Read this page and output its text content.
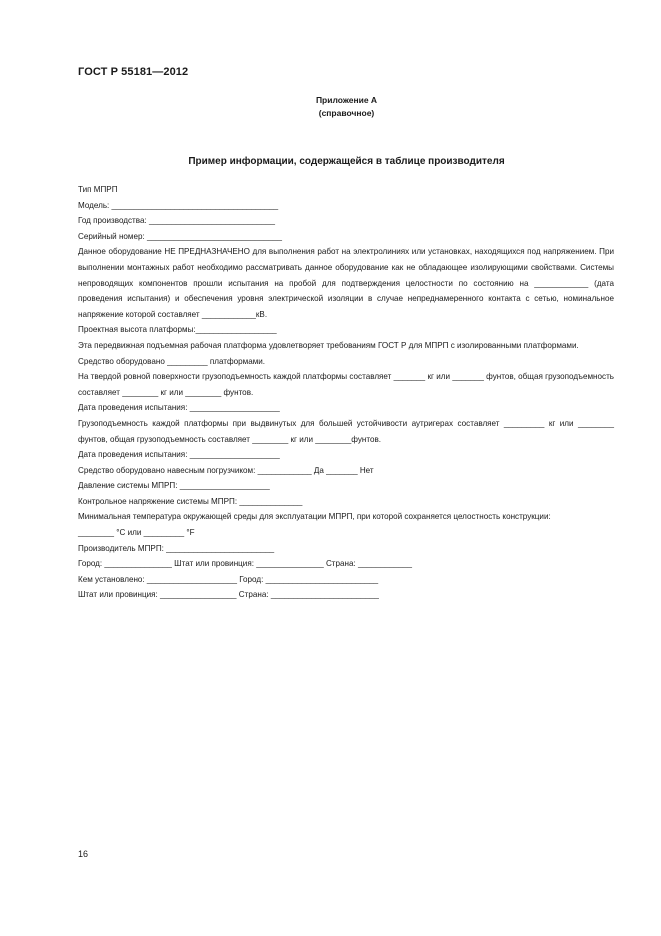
ГОСТ Р 55181—2012
Приложение А
(справочное)
Пример информации, содержащейся в таблице производителя

Тип МПРП

Модель: _____________________________________

Год производства: ____________________________

Серийный номер: ______________________________

Данное оборудование НЕ ПРЕДНАЗНАЧЕНО для выполнения работ на электролиниях или установках, находящихся под напряжением. При выполнении монтажных работ необходимо рассматривать данное оборудование как не обладающее изолирующими свойствами. Системы непроводящих компонентов прошли испытания на пробой для подтверждения целостности по состоянию на ____________ (дата проведения испытания) и обеспечения уровня электрической изоляции в случае непреднамеренного контакта с сетью, номинальное напряжение которой составляет ____________кВ.

Проектная высота платформы:__________________

Эта передвижная подъемная рабочая платформа удовлетворяет требованиям ГОСТ Р для МПРП с изолированными платформами.

Средство оборудовано _________ платформами.

На твердой ровной поверхности грузоподъемность каждой платформы составляет _______ кг или _______ фунтов, общая грузоподъемность составляет ________ кг или ________ фунтов.

Дата проведения испытания: ____________________

Грузоподъемность каждой платформы при выдвинутых для большей устойчивости аутригерах составляет _________ кг или ________ фунтов, общая грузоподъемность составляет ________ кг или ________фунтов.

Дата проведения испытания: ____________________

Средство оборудовано навесным погрузчиком: ____________ Да _______ Нет

Давление системы МПРП: ____________________

Контрольное напряжение системы МПРП: ______________

Минимальная температура окружающей среды для эксплуатации МПРП, при которой сохраняется целостность конструкции:

________ °С или _________ °F

Производитель МПРП: ________________________

Город: _______________ Штат или провинция: _______________ Страна: ____________

Кем установлено: ____________________ Город: _________________________

Штат или провинция: _________________ Страна: ________________________

16
